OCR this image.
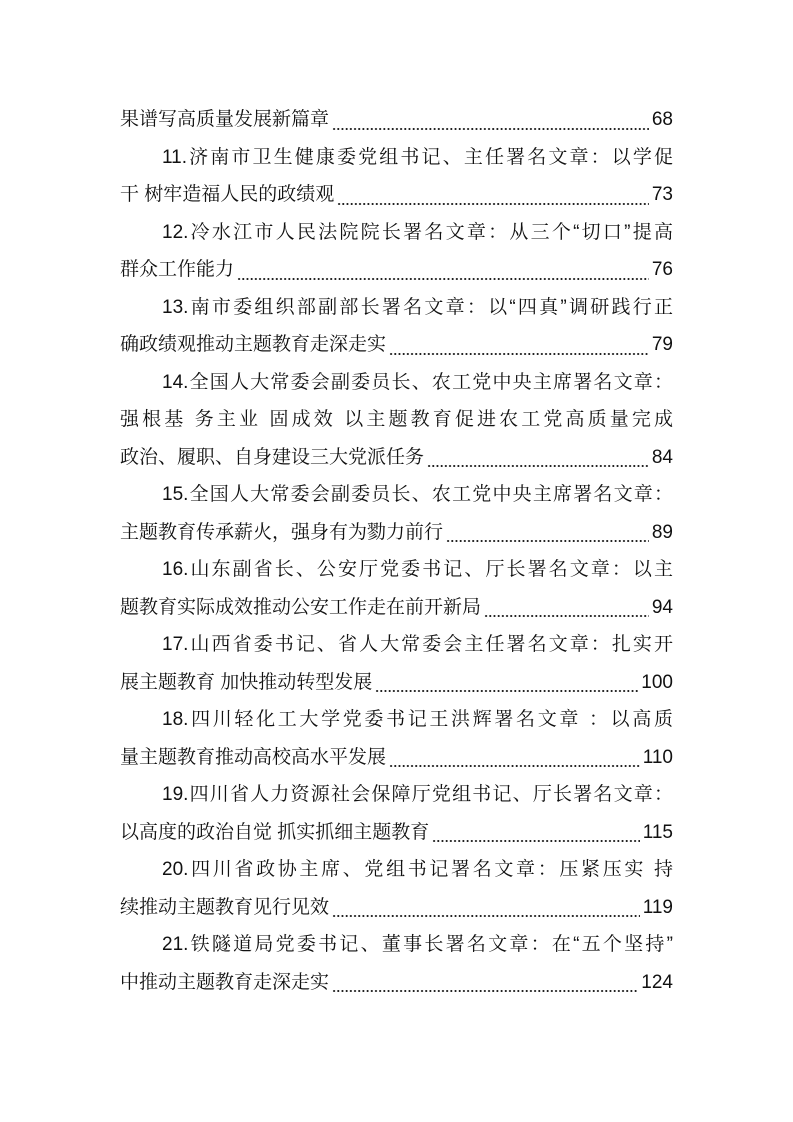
果谱写高质量发展新篇章	68
11.济南市卫生健康委党组书记、主任署名文章：以学促
干 树牢造福人民的政绩观	73
12.冷水江市人民法院院长署名文章：从三个“切口”提高
群众工作能力	76
13.南市委组织部副部长署名文章：以“四真”调研践行正
确政绩观推动主题教育走深走实	79
14.全国人大常委会副委员长、农工党中央主席署名文章：
强根基 务主业 固成效 以主题教育促进农工党高质量完成
政治、履职、自身建设三大党派任务	84
15.全国人大常委会副委员长、农工党中央主席署名文章：
主题教育传承薪火，强身有为勠力前行	89
16.山东副省长、公安厅党委书记、厅长署名文章：以主
题教育实际成效推动公安工作走在前开新局	94
17.山西省委书记、省人大常委会主任署名文章：扎实开
展主题教育 加快推动转型发展	100
18.四川轻化工大学党委书记王洪辉署名文章 ：以高质
量主题教育推动高校高水平发展	110
19.四川省人力资源社会保障厅党组书记、厅长署名文章：
以高度的政治自觉 抓实抓细主题教育	115
20.四川省政协主席、党组书记署名文章：压紧压实 持
续推动主题教育见行见效	119
21.铁隧道局党委书记、董事长署名文章：在“五个坚持”
中推动主题教育走深走实	124
